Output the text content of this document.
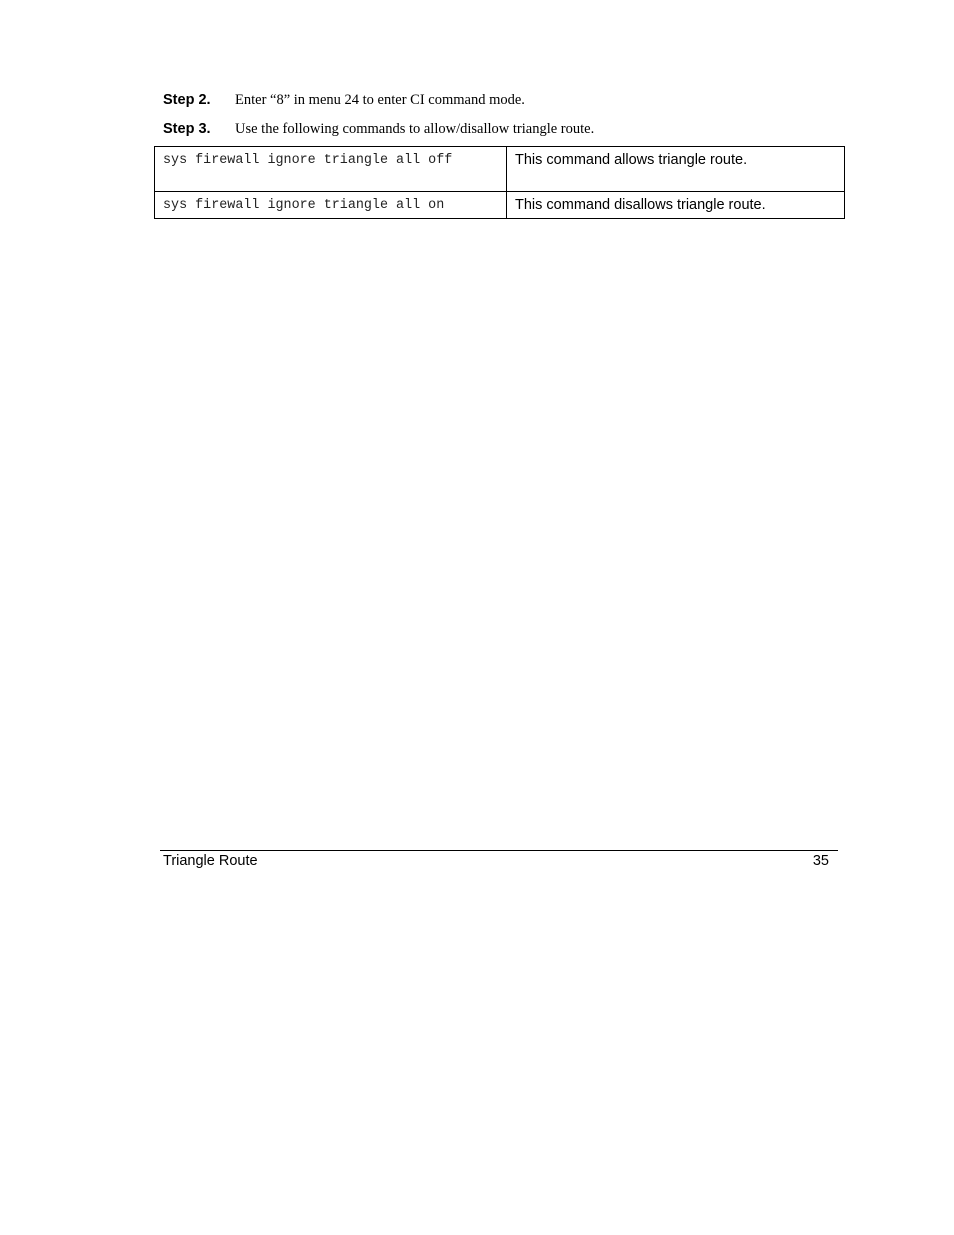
Step 2.	Enter “8” in menu 24 to enter CI command mode.
Step 3.	Use the following commands to allow/disallow triangle route.
sys firewall ignore triangle all off	This command allows triangle route.
sys firewall ignore triangle all on	This command disallows triangle route.
Triangle Route	35
